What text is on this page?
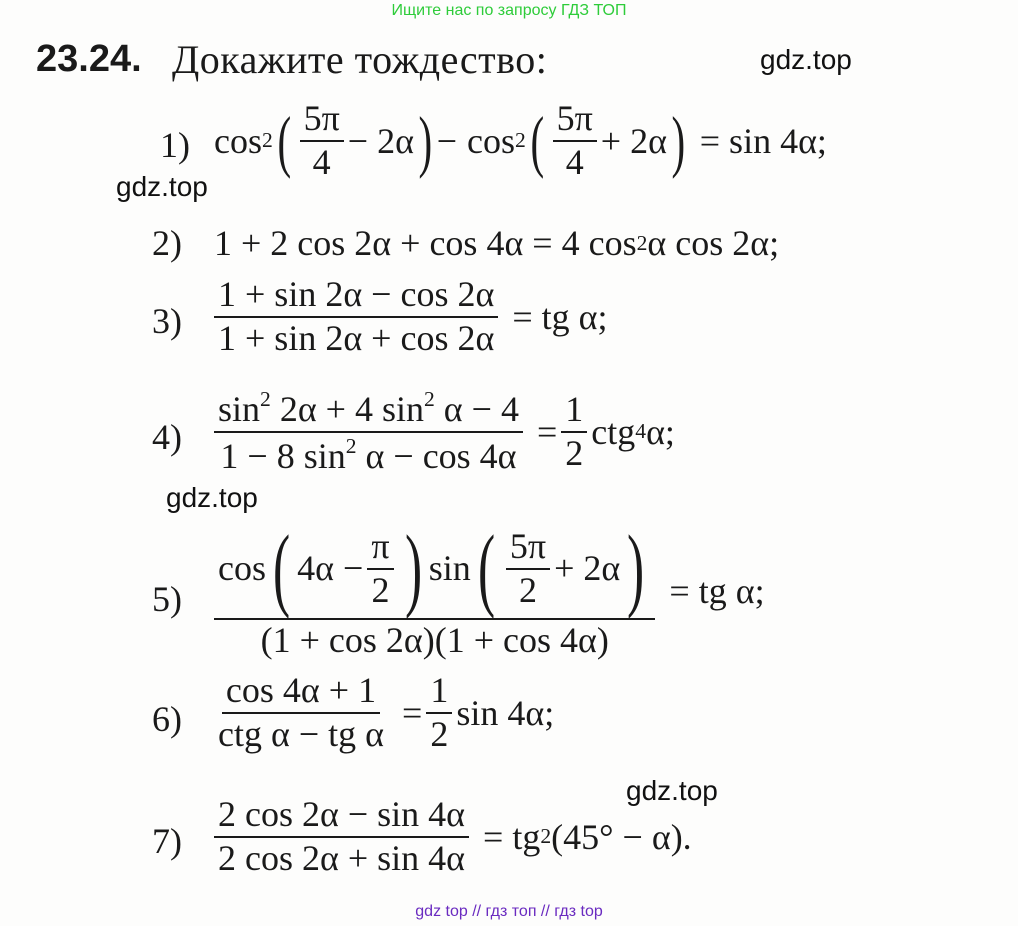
Ищите нас по запросу ГДЗ ТОП
23.24. Докажите тождество:	gdz.top
gdz.top
gdz.top
gdz.top
1) cos 2 ( $\frac{5\pi}{4} - 2\alpha$ ) − cos 2 ( $\frac{5\pi}{4} + 2\alpha$ ) = sin 4α;
2) 1 + 2 cos 2α + cos 4α = 4 cos 2 α cos 2α;
$3) \frac{1 + \sin 2\alpha - \cos 2\alpha}{1 + \sin 2\alpha + \cos 2\alpha}$ = tg α;
$4) \frac{\sin^2 2\alpha + 4 \sin^2 \alpha - 4}{1 - 8 \sin^2 \alpha - \cos 4\alpha} = \frac{1}{2}$ ctg 4 α;
5)
cos ( $4\alpha - \frac{\pi}{2}$ ) sin ( $\frac{5\pi}{2} + 2\alpha$ )
(1 + cos 2α)(1 + cos 4α)
= tg α;
$6) \frac{\cos 4\alpha + 1}{\text{ctg α − tg α}} = \frac{1}{2}$ sin 4α;
$7) \frac{2 \cos 2\alpha - \sin 4\alpha}{2 \cos 2\alpha + \sin 4\alpha}$ = tg 2 (45° − α).
gdz top // гдз топ // гдз top
